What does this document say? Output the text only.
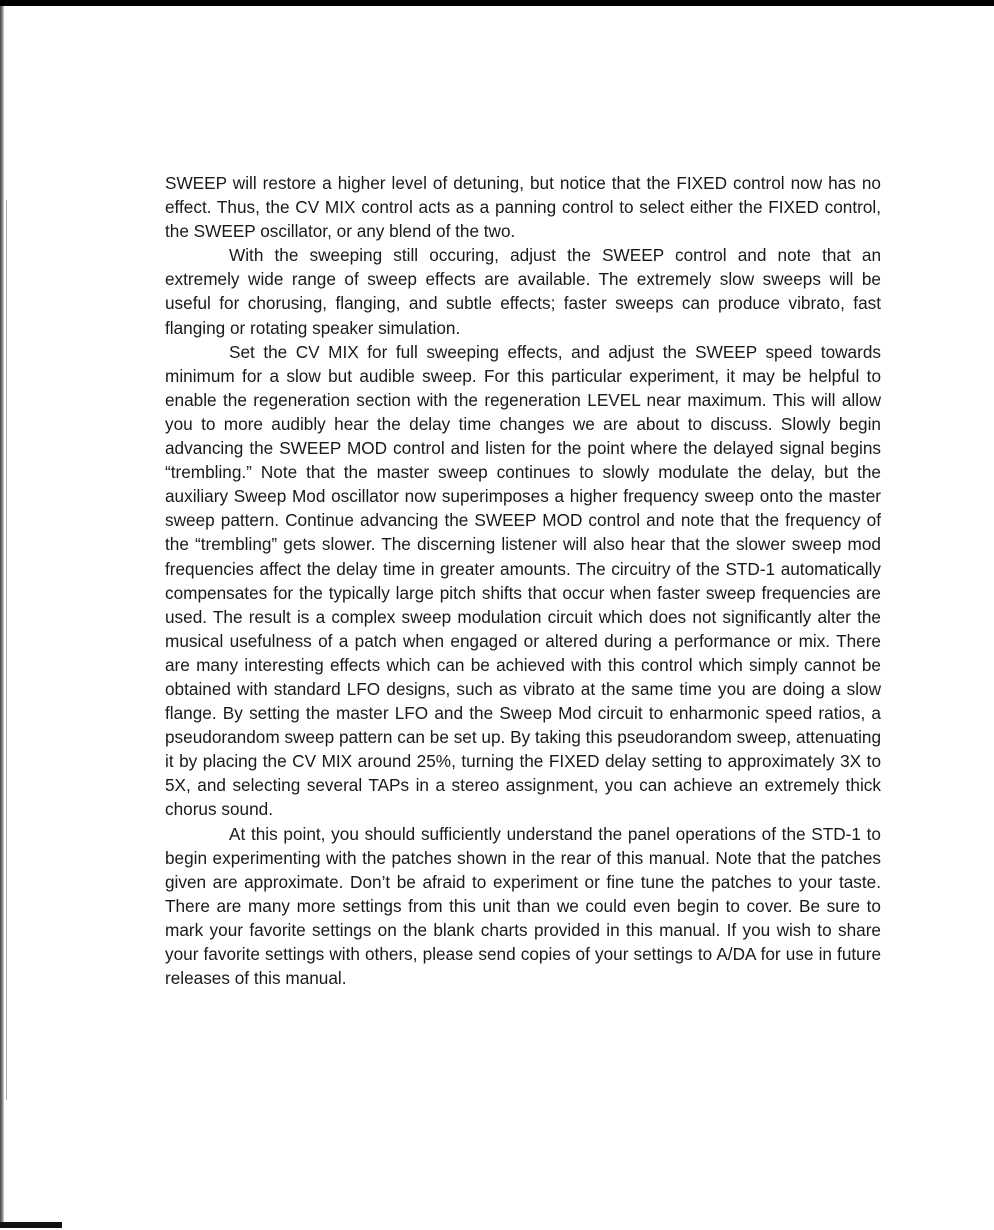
SWEEP will restore a higher level of detuning, but notice that the FIXED control now has no effect. Thus, the CV MIX control acts as a panning control to select either the FIXED control, the SWEEP oscillator, or any blend of the two.

With the sweeping still occuring, adjust the SWEEP control and note that an extremely wide range of sweep effects are available. The extremely slow sweeps will be useful for chorusing, flanging, and subtle effects; faster sweeps can produce vibrato, fast flanging or rotating speaker simulation.

Set the CV MIX for full sweeping effects, and adjust the SWEEP speed towards minimum for a slow but audible sweep. For this particular experiment, it may be helpful to enable the regeneration section with the regeneration LEVEL near maximum. This will allow you to more audibly hear the delay time changes we are about to discuss. Slowly begin advancing the SWEEP MOD control and listen for the point where the delayed signal begins “trembling.” Note that the master sweep continues to slowly modulate the delay, but the auxiliary Sweep Mod oscillator now superimposes a higher frequency sweep onto the master sweep pattern. Continue advancing the SWEEP MOD control and note that the frequency of the “trembling” gets slower. The discerning listener will also hear that the slower sweep mod frequencies affect the delay time in greater amounts. The circuitry of the STD-1 automatically compensates for the typically large pitch shifts that occur when faster sweep frequencies are used. The result is a complex sweep modulation circuit which does not significantly alter the musical usefulness of a patch when engaged or altered during a performance or mix. There are many interesting effects which can be achieved with this control which simply cannot be obtained with standard LFO designs, such as vibrato at the same time you are doing a slow flange. By setting the master LFO and the Sweep Mod circuit to enharmonic speed ratios, a pseudorandom sweep pattern can be set up. By taking this pseudorandom sweep, attenuating it by placing the CV MIX around 25%, turning the FIXED delay setting to approximately 3X to 5X, and selecting several TAPs in a stereo assignment, you can achieve an extremely thick chorus sound.

At this point, you should sufficiently understand the panel operations of the STD-1 to begin experimenting with the patches shown in the rear of this manual. Note that the patches given are approximate. Don’t be afraid to experiment or fine tune the patches to your taste. There are many more settings from this unit than we could even begin to cover. Be sure to mark your favorite settings on the blank charts provided in this manual. If you wish to share your favorite settings with others, please send copies of your settings to A/DA for use in future releases of this manual.
